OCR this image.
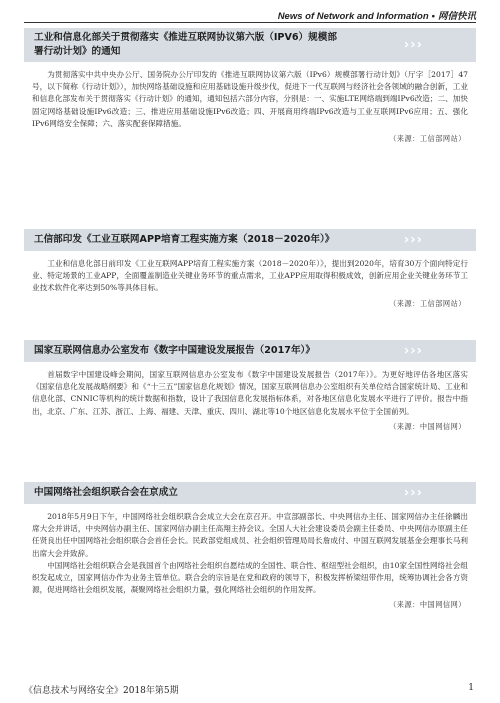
News of Network and Information • 网信快讯
工业和信息化部关于贯彻落实《推进互联网协议第六版（IPV6）规模部署行动计划》的通知	› › ›

为贯彻落实中共中央办公厅、国务院办公厅印发的《推进互联网协议第六版（IPv6）规模部署行动计划》（厅字［2017］47号，以下简称《行动计划》），加快网络基础设施和应用基础设施升级步伐，促进下一代互联网与经济社会各领域的融合创新，工业和信息化部发布关于贯彻落实《行动计划》的通知，通知包括六部分内容，分别是：一、实施LTE网络端到端IPv6改造；二、加快固定网络基础设施IPv6改造；三、推进应用基础设施IPv6改造；四、开展商用终端IPv6改造与工业互联网IPv6应用；五、强化IPv6网络安全保障；六、落实配套保障措施。

（来源：工信部网站）
工信部印发《工业互联网APP培育工程实施方案（2018－2020年）》	› › ›

工业和信息化部日前印发《工业互联网APP培育工程实施方案（2018－2020年）》，提出到2020年，培育30万个面向特定行业、特定场景的工业APP，全面覆盖制造业关键业务环节的重点需求，工业APP应用取得积极成效，创新应用企业关键业务环节工业技术软件化率达到50%等具体目标。

（来源：工信部网站）
国家互联网信息办公室发布《数字中国建设发展报告（2017年）》	› › ›

首届数字中国建设峰会期间，国家互联网信息办公室发布《数字中国建设发展报告（2017年）》。为更好地评估各地区落实《国家信息化发展战略纲要》和《“十三五”国家信息化规划》情况，国家互联网信息办公室组织有关单位结合国家统计局、工业和信息化部、CNNIC等机构的统计数据和指数，设计了我国信息化发展指标体系，对各地区信息化发展水平进行了评价。报告中指出，北京、广东、江苏、浙江、上海、福建、天津、重庆、四川、湖北等10个地区信息化发展水平位于全国前列。

（来源：中国网信网）
中国网络社会组织联合会在京成立	› › ›

2018年5月9日下午，中国网络社会组织联合会成立大会在京召开。中宣部副部长、中央网信办主任、国家网信办主任徐麟出席大会并讲话，中央网信办副主任、国家网信办副主任高翔主持会议。全国人大社会建设委员会副主任委员、中央网信办原副主任任贤良出任中国网络社会组织联合会首任会长。民政部党组成员、社会组织管理局局长詹成付、中国互联网发展基金会理事长马利出席大会并致辞。

中国网络社会组织联合会是我国首个由网络社会组织自愿结成的全国性、联合性、枢纽型社会组织，由10家全国性网络社会组织发起成立，国家网信办作为业务主管单位。联合会的宗旨是在党和政府的领导下，积极发挥桥梁纽带作用，统筹协调社会各方资源，促进网络社会组织发展，凝聚网络社会组织力量，强化网络社会组织的作用发挥。

（来源：中国网信网）
《信息技术与网络安全》2018年第5期	1
